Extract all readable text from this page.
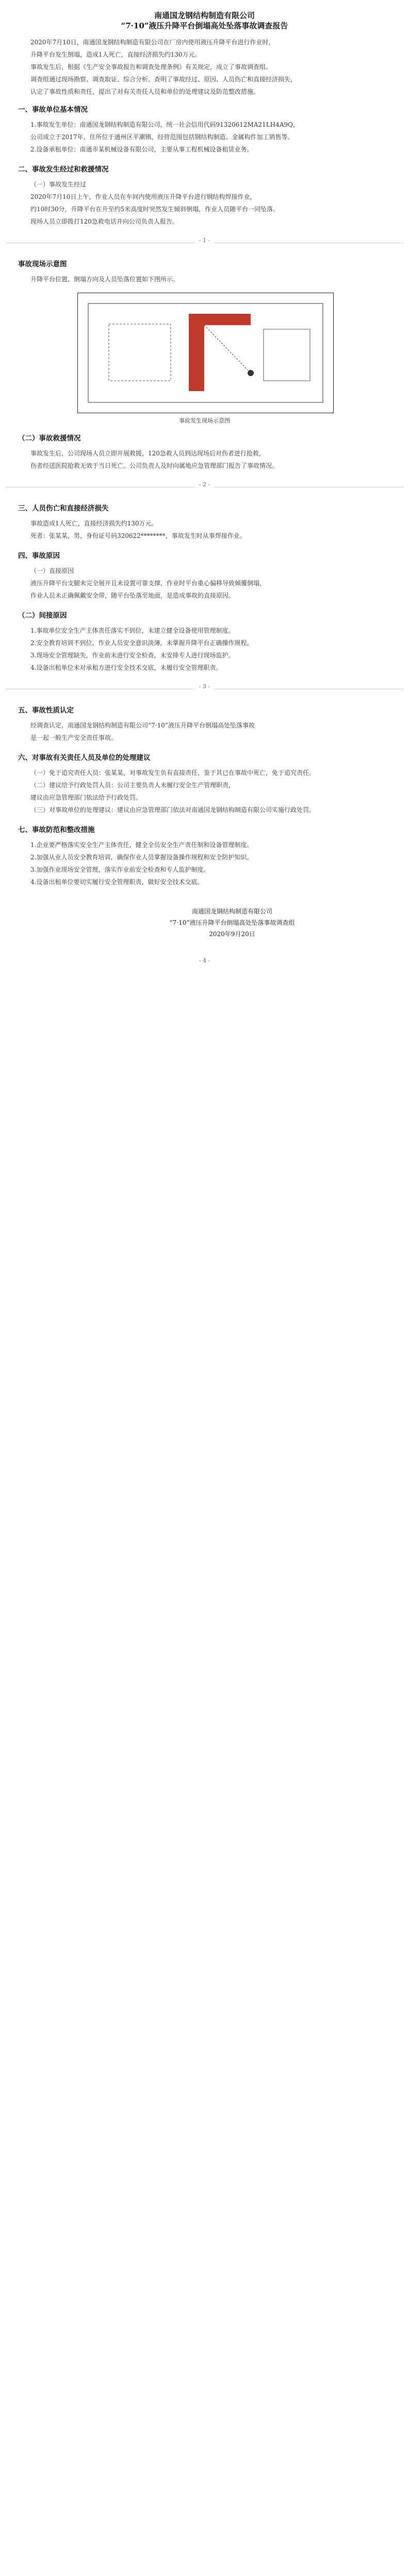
南通国龙钢结构制造有限公司
“7·10”液压升降平台倒塌高处坠落事故调查报告
2020年7月10日，南通国龙钢结构制造有限公司在厂房内使用液压升降平台进行作业时，
升降平台发生倒塌，造成1人死亡，直接经济损失约130万元。
事故发生后，根据《生产安全事故报告和调查处理条例》有关规定，成立了事故调查组。
调查组通过现场勘察、调查取证、综合分析，查明了事故经过、原因、人员伤亡和直接经济损失，
认定了事故性质和责任，提出了对有关责任人员和单位的处理建议及防范整改措施。
一、事故单位基本情况
1.事故发生单位：南通国龙钢结构制造有限公司，统一社会信用代码91320612MA21LH4A9Q，
公司成立于2017年，住所位于通州区平潮镇，经营范围包括钢结构制造、金属构件加工销售等。
2.设备承租单位：南通市某机械设备有限公司，主要从事工程机械设备租赁业务。
二、事故发生经过和救援情况
（一）事故发生经过
2020年7月10日上午，作业人员在车间内使用液压升降平台进行钢结构焊接作业，
约10时30分，升降平台在升至约5米高度时突然发生倾斜倒塌，作业人员随平台一同坠落。
现场人员立即拨打120急救电话并向公司负责人报告。
- 1 -
事故现场示意图
升降平台位置、倒塌方向及人员坠落位置如下图所示。
事故发生现场示意图
（二）事故救援情况
事故发生后，公司现场人员立即开展救援，120急救人员到达现场后对伤者进行抢救，
伤者经送医院抢救无效于当日死亡。公司负责人及时向属地应急管理部门报告了事故情况。
- 2 -
三、人员伤亡和直接经济损失
事故造成1人死亡，直接经济损失约130万元。
死者：张某某，男，身份证号码320622********，事故发生时从事焊接作业。
四、事故原因
（一）直接原因
液压升降平台支腿未完全展开且未设置可靠支撑，作业时平台重心偏移导致倾覆倒塌，
作业人员未正确佩戴安全带，随平台坠落至地面，是造成事故的直接原因。
（二）间接原因
1.事故单位安全生产主体责任落实不到位，未建立健全设备使用管理制度。
2.安全教育培训不到位，作业人员安全意识淡薄，未掌握升降平台正确操作规程。
3.现场安全管理缺失，作业前未进行安全检查，未安排专人进行现场监护。
4.设备出租单位未对承租方进行安全技术交底，未履行安全管理职责。
- 3 -
五、事故性质认定
经调查认定，南通国龙钢结构制造有限公司“7·10”液压升降平台倒塌高处坠落事故
是一起一般生产安全责任事故。
六、对事故有关责任人员及单位的处理建议
（一）免于追究责任人员：张某某，对事故发生负有直接责任，鉴于其已在事故中死亡，免于追究责任。
（二）建议给予行政处罚人员：公司主要负责人未履行安全生产管理职责，
建议由应急管理部门依法给予行政处罚。
（三）对事故单位的处理建议：建议由应急管理部门依法对南通国龙钢结构制造有限公司实施行政处罚。
七、事故防范和整改措施
1.企业要严格落实安全生产主体责任，健全全员安全生产责任制和设备管理制度。
2.加强从业人员安全教育培训，确保作业人员掌握设备操作规程和安全防护知识。
3.加强作业现场安全管理，落实作业前安全检查和专人监护制度。
4.设备出租单位要切实履行安全管理职责，做好安全技术交底。
南通国龙钢结构制造有限公司
“7·10”液压升降平台倒塌高处坠落事故调查组
2020年9月20日
- 4 -
